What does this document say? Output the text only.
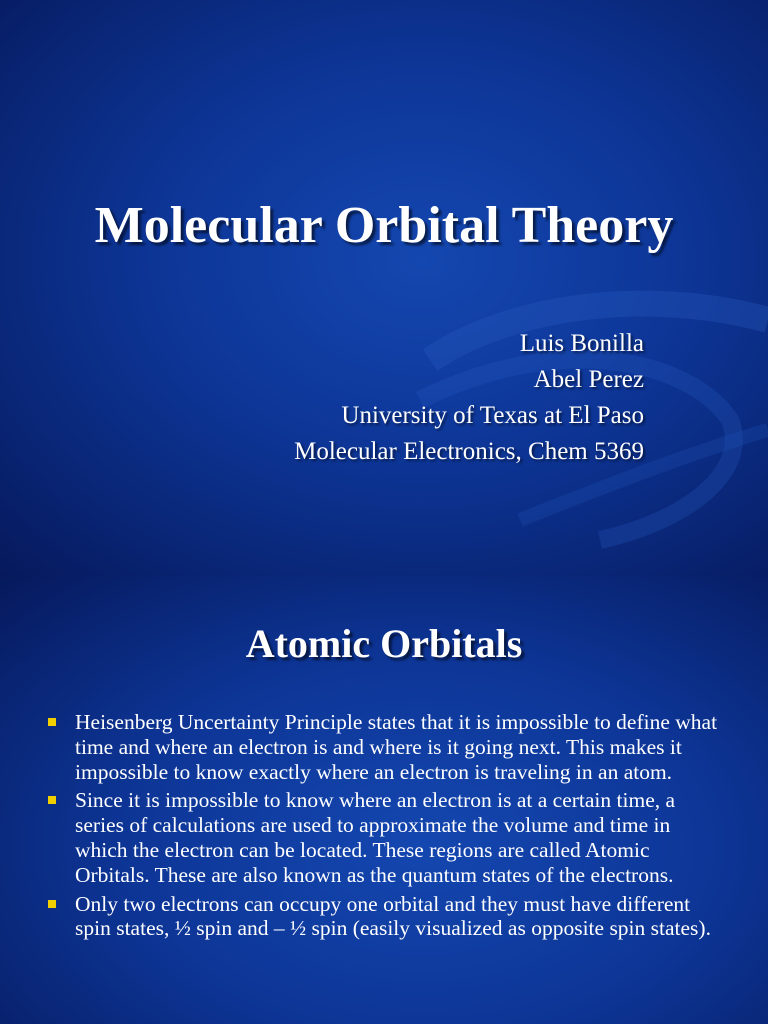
Molecular Orbital Theory
Luis Bonilla
Abel Perez
University of Texas at El Paso
Molecular Electronics, Chem 5369
Atomic Orbitals
Heisenberg Uncertainty Principle states that it is impossible to define what time and where an electron is and where is it going next. This makes it impossible to know exactly where an electron is traveling in an atom.
Since it is impossible to know where an electron is at a certain time, a series of calculations are used to approximate the volume and time in which the electron can be located. These regions are called Atomic Orbitals. These are also known as the quantum states of the electrons.
Only two electrons can occupy one orbital and they must have different spin states, ½ spin and – ½ spin (easily visualized as opposite spin states).
